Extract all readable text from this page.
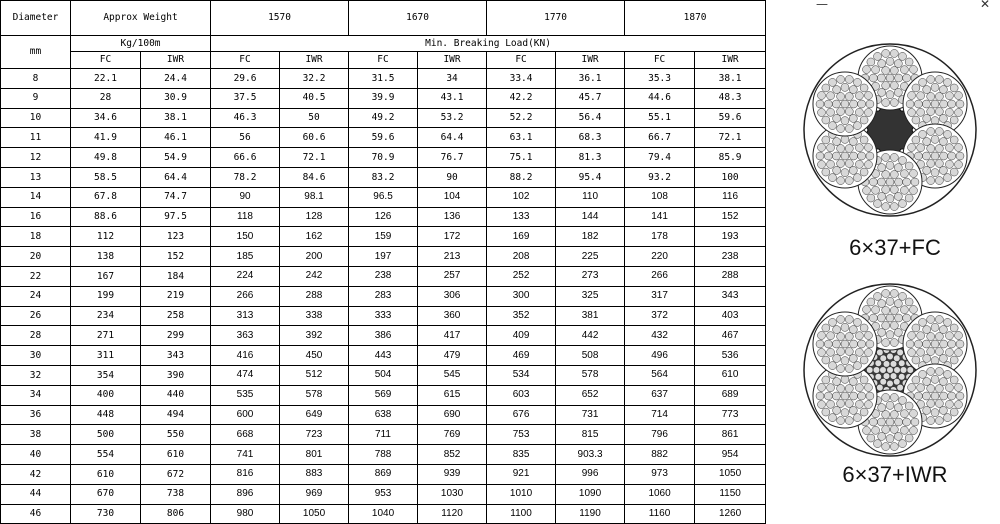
Diameter	Approx Weight		1570		1670		1770		1870	
mm	Kg/100m		Min. Breaking Load(KN)							
	FC	IWR	FC	IWR	FC	IWR	FC	IWR	FC	IWR
8	22.1	24.4	29.6	32.2	31.5	34	33.4	36.1	35.3	38.1
9	28	30.9	37.5	40.5	39.9	43.1	42.2	45.7	44.6	48.3
10	34.6	38.1	46.3	50	49.2	53.2	52.2	56.4	55.1	59.6
11	41.9	46.1	56	60.6	59.6	64.4	63.1	68.3	66.7	72.1
12	49.8	54.9	66.6	72.1	70.9	76.7	75.1	81.3	79.4	85.9
13	58.5	64.4	78.2	84.6	83.2	90	88.2	95.4	93.2	100
14	67.8	74.7	90	98.1	96.5	104	102	110	108	116
16	88.6	97.5	118	128	126	136	133	144	141	152
18	112	123	150	162	159	172	169	182	178	193
20	138	152	185	200	197	213	208	225	220	238
22	167	184	224	242	238	257	252	273	266	288
24	199	219	266	288	283	306	300	325	317	343
26	234	258	313	338	333	360	352	381	372	403
28	271	299	363	392	386	417	409	442	432	467
30	311	343	416	450	443	479	469	508	496	536
32	354	390	474	512	504	545	534	578	564	610
34	400	440	535	578	569	615	603	652	637	689
36	448	494	600	649	638	690	676	731	714	773
38	500	550	668	723	711	769	753	815	796	861
40	554	610	741	801	788	852	835	903.3	882	954
42	610	672	816	883	869	939	921	996	973	1050
44	670	738	896	969	953	1030	1010	1090	1060	1150
46	730	806	980	1050	1040	1120	1100	1190	1160	1260
—	✕
6×37+FC
6×37+IWR
